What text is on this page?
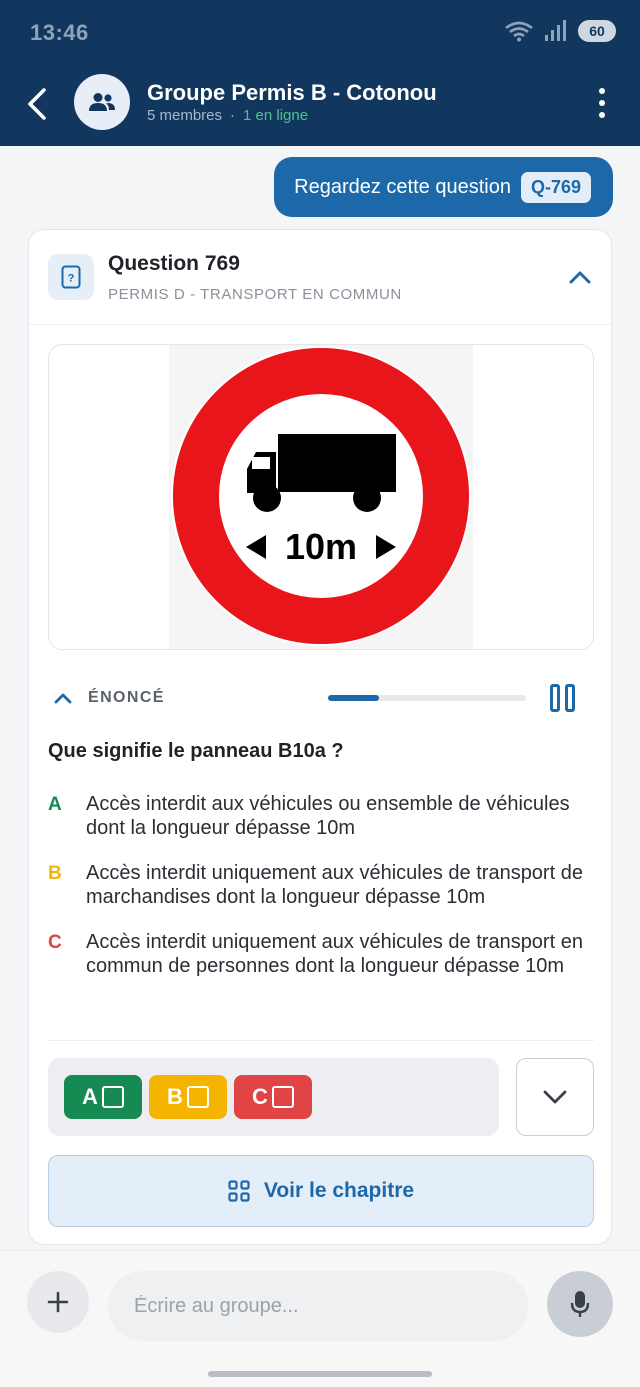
13:46	60
Groupe Permis B - Cotonou
5 membres · 1 en ligne
Regardez cette question	Q-769
?
Question 769
PERMIS D - TRANSPORT EN COMMUN
10m
ÉNONCÉ
Que signifie le panneau B10a ?
A Accès interdit aux véhicules ou ensemble de véhicules dont la longueur dépasse 10m
B Accès interdit uniquement aux véhicules de transport de marchandises dont la longueur dépasse 10m
C Accès interdit uniquement aux véhicules de transport en commun de personnes dont la longueur dépasse 10m
A	B	C
Voir le chapitre
Écrire au groupe...
